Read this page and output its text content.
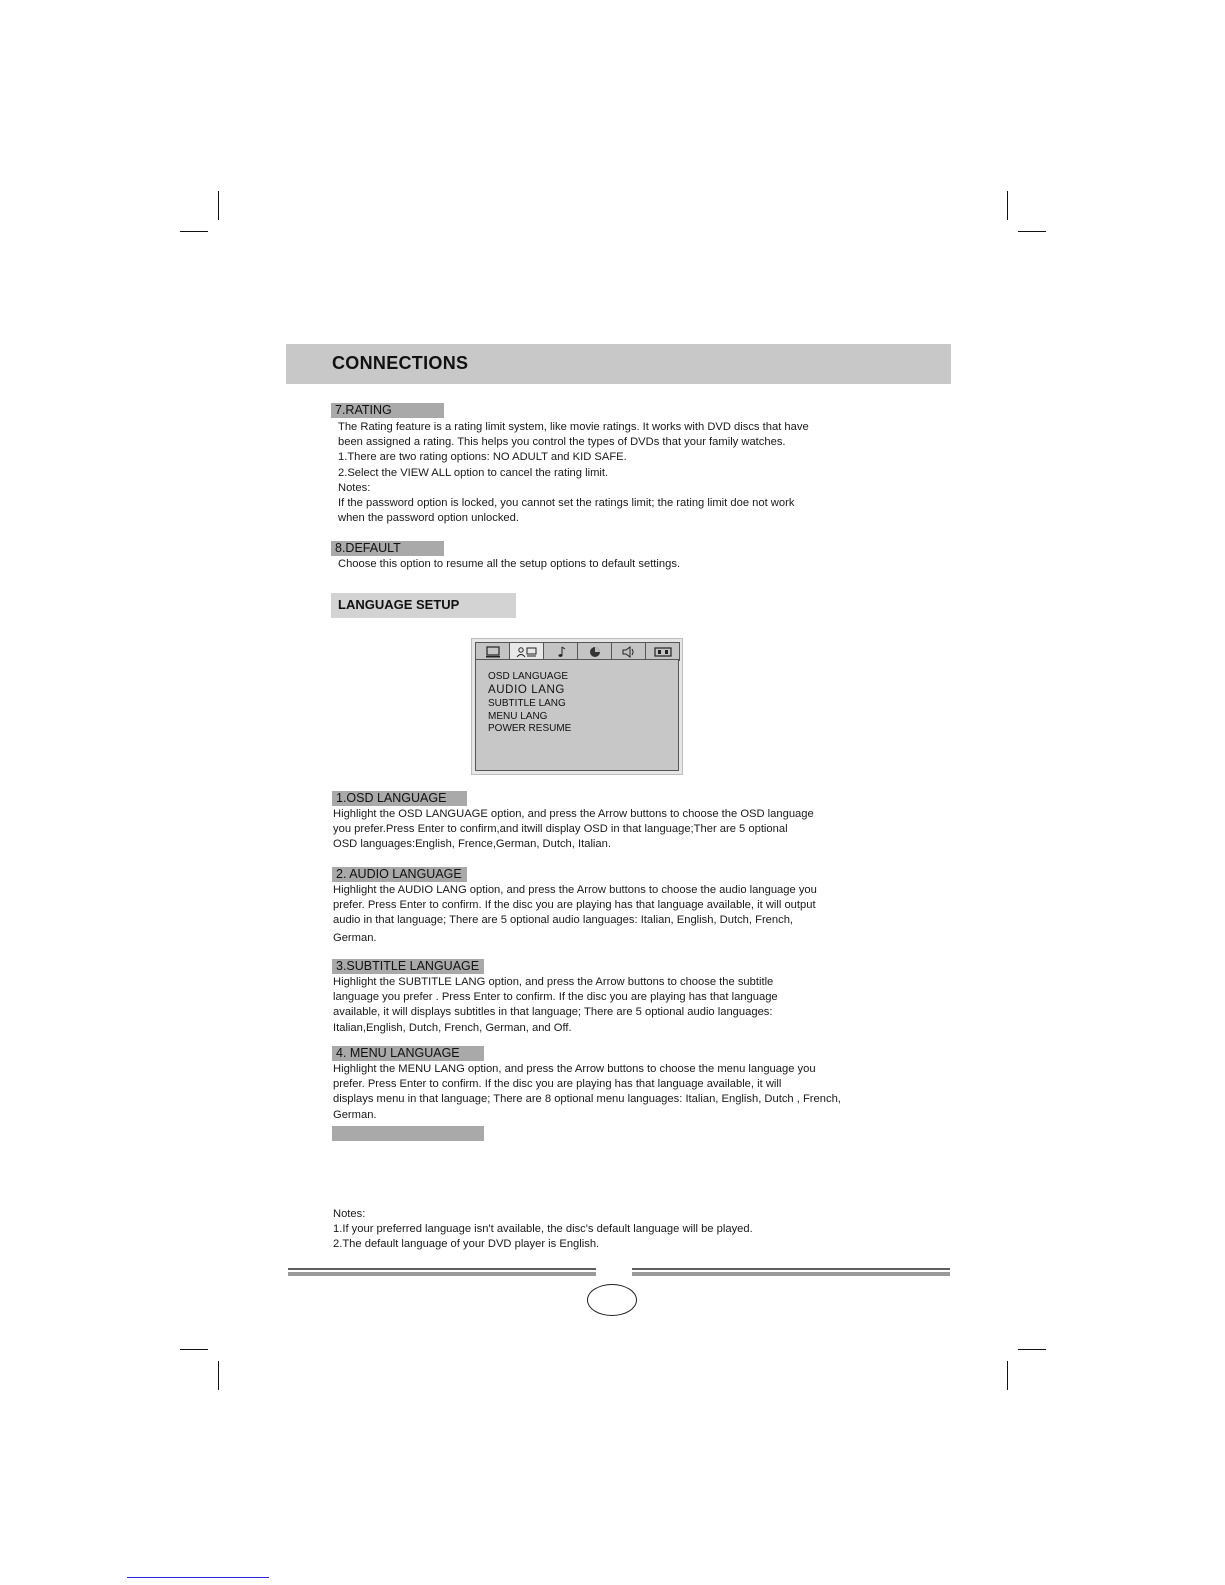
CONNECTIONS
7.RATING
The Rating feature is a rating limit system, like movie ratings. It works with DVD discs that have
been assigned a rating. This helps you control the types of DVDs that your family watches.
1.There are two rating options: NO ADULT and KID SAFE.
2.Select the VIEW ALL option to cancel the rating limit.
Notes:
If the password option is locked, you cannot set the ratings limit; the rating limit doe not work
when the password option unlocked.
8.DEFAULT
Choose this option to resume all the setup options to default settings.
LANGUAGE SETUP
OSD LANGUAGE
AUDIO LANG
SUBTITLE LANG
MENU LANG
POWER RESUME
1.OSD LANGUAGE
Highlight the OSD LANGUAGE option, and press the Arrow buttons to choose the OSD language
you prefer.Press Enter to confirm,and itwill display OSD in that language;Ther are 5 optional
OSD languages:English, Frence,German, Dutch, Italian.
2. AUDIO LANGUAGE
Highlight the AUDIO LANG option, and press the Arrow buttons to choose the audio language you
prefer. Press Enter to confirm. If the disc you are playing has that language available, it will output
audio in that language; There are 5 optional audio languages: Italian, English, Dutch, French,
German.
3.SUBTITLE LANGUAGE
Highlight the SUBTITLE LANG option, and press the Arrow buttons to choose the subtitle
language you prefer . Press Enter to confirm. If the disc you are playing has that language
available, it will displays subtitles in that language; There are 5 optional audio languages:
Italian,English, Dutch, French, German, and Off.
4. MENU LANGUAGE
Highlight the MENU LANG option, and press the Arrow buttons to choose the menu language you
prefer. Press Enter to confirm. If the disc you are playing has that language available, it will
displays menu in that language; There are 8 optional menu languages: Italian, English, Dutch , French,
German.
Notes:
1.If your preferred language isn't available, the disc's default language will be played.
2.The default language of your DVD player is English.
